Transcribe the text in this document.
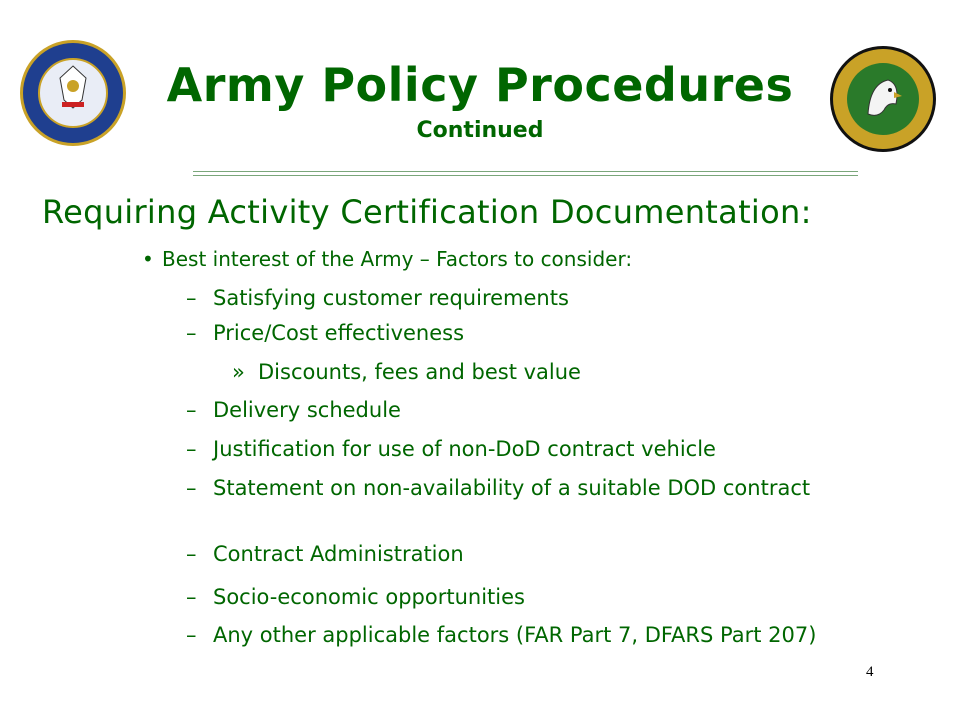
Army Policy Procedures
Continued
Requiring Activity Certification Documentation:
• Best interest of the Army – Factors to consider:
– Satisfying customer requirements
– Price/Cost effectiveness
» Discounts, fees and best value
– Delivery schedule
– Justification for use of non-DoD contract vehicle
– Statement on non-availability of a suitable DOD contract
– Contract Administration
– Socio-economic opportunities
– Any other applicable factors (FAR Part 7, DFARS Part 207)
4
